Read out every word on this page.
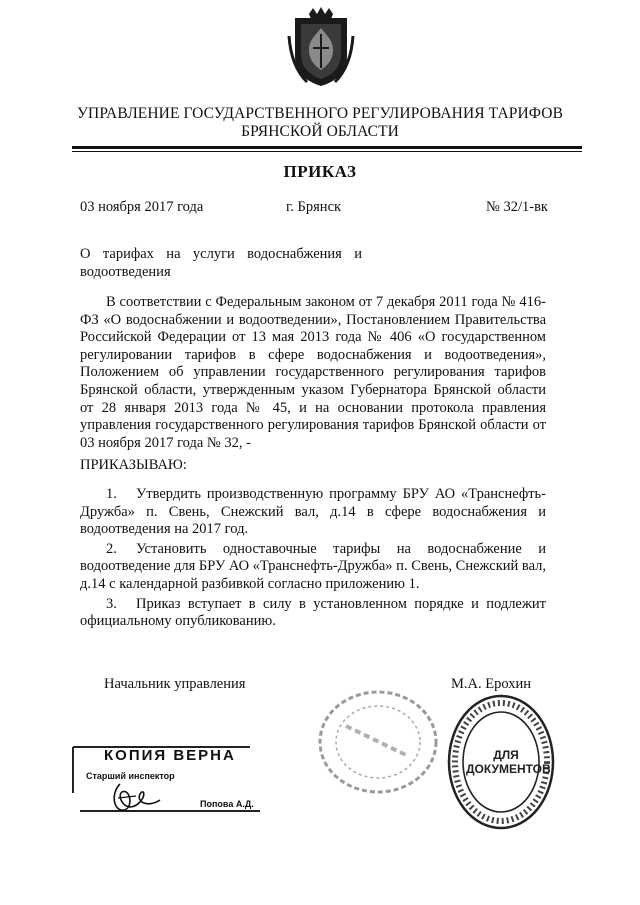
УПРАВЛЕНИЕ ГОСУДАРСТВЕННОГО РЕГУЛИРОВАНИЯ ТАРИФОВ
БРЯНСКОЙ ОБЛАСТИ
ПРИКАЗ
03 ноября 2017 года	г. Брянск	№ 32/1-вк
О тарифах на услуги водоснабжения и водоотведения

В соответствии с Федеральным законом от 7 декабря 2011 года № 416-ФЗ «О водоснабжении и водоотведении», Постановлением Правительства Российской Федерации от 13 мая 2013 года № 406 «О государственном регулировании тарифов в сфере водоснабжения и водоотведения», Положением об управлении государственного регулирования тарифов Брянской области, утвержденным указом Губернатора Брянской области от 28 января 2013 года № 45, и на основании протокола правления управления государственного регулирования тарифов Брянской области от 03 ноября 2017 года № 32, -

ПРИКАЗЫВАЮ:

1. Утвердить производственную программу БРУ АО «Транснефть-Дружба» п. Свень, Снежский вал, д.14 в сфере водоснабжения и водоотведения на 2017 год.

2. Установить одноставочные тарифы на водоснабжение и водоотведение для БРУ АО «Транснефть-Дружба» п. Свень, Снежский вал, д.14 с календарной разбивкой согласно приложению 1.

3. Приказ вступает в силу в установленном порядке и подлежит официальному опубликованию.

Начальник управления	М.А. Ерохин
КОПИЯ ВЕРНА
Старший инспектор
Попова А.Д.
ДЛЯ ДОКУМЕНТОВ
